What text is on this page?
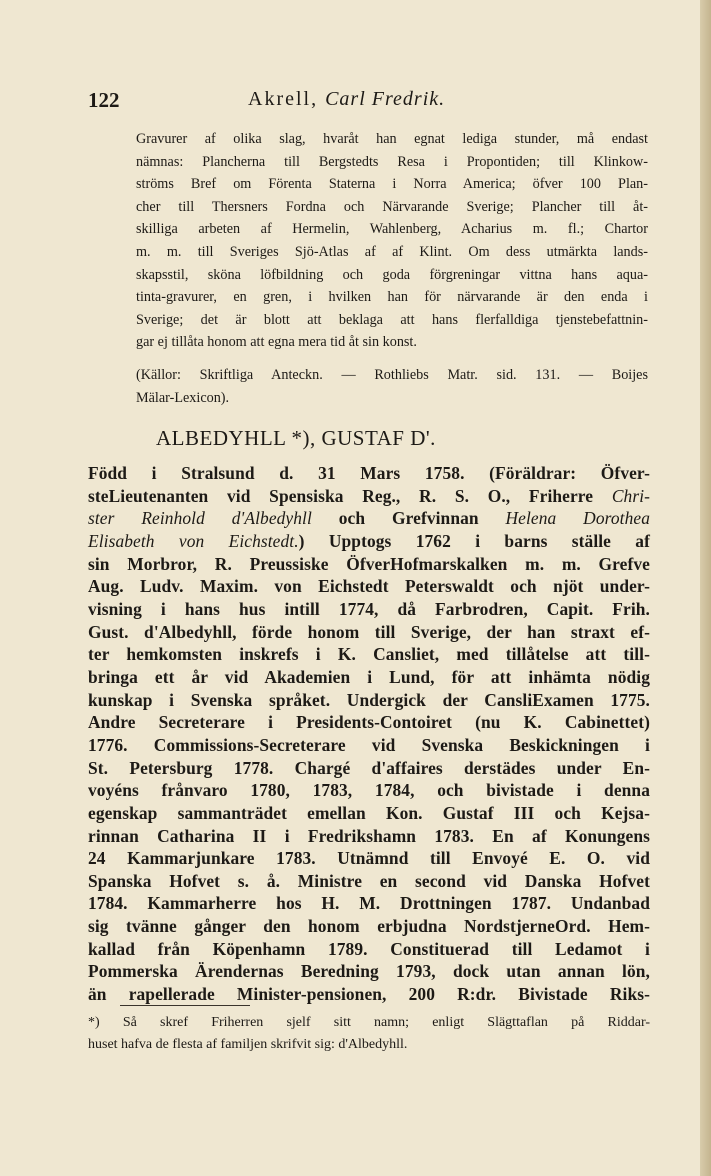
122	Akrell, Carl Fredrik.

Gravurer af olika slag, hvaråt han egnat lediga stunder, må endast
nämnas: Plancherna till Bergstedts Resa i Propontiden; till Klinkow-
ströms Bref om Förenta Staterna i Norra America; öfver 100 Plan-
cher till Thersners Fordna och Närvarande Sverige; Plancher till åt-
skilliga arbeten af Hermelin, Wahlenberg, Acharius m. fl.; Chartor
m. m. till Sveriges Sjö-Atlas af af Klint. Om dess utmärkta lands-
skapsstil, sköna löfbildning och goda förgreningar vittna hans aqua-
tinta-gravurer, en gren, i hvilken han för närvarande är den enda i
Sverige; det är blott att beklaga att hans flerfalldiga tjenstebefattnin-
gar ej tillåta honom att egna mera tid åt sin konst.

(Källor: Skriftliga Anteckn. — Rothliebs Matr. sid. 131. — Boijes
Mälar-Lexicon).

ALBEDYHLL *), GUSTAF D'.
Född i Stralsund d. 31 Mars 1758. (Föräldrar: Öfver-
steLieutenanten vid Spensiska Reg., R. S. O., Friherre Chri-
ster Reinhold d'Albedyhll och Grefvinnan Helena Dorothea
Elisabeth von Eichstedt.) Upptogs 1762 i barns ställe af
sin Morbror, R. Preussiske ÖfverHofmarskalken m. m. Grefve
Aug. Ludv. Maxim. von Eichstedt Peterswaldt och njöt under-
visning i hans hus intill 1774, då Farbrodren, Capit. Frih.
Gust. d'Albedyhll, förde honom till Sverige, der han straxt ef-
ter hemkomsten inskrefs i K. Cansliet, med tillåtelse att till-
bringa ett år vid Akademien i Lund, för att inhämta nödig
kunskap i Svenska språket. Undergick der CansliExamen 1775.
Andre Secreterare i Presidents-Contoiret (nu K. Cabinettet)
1776. Commissions-Secreterare vid Svenska Beskickningen i
St. Petersburg 1778. Chargé d'affaires derstädes under En-
voyéns frånvaro 1780, 1783, 1784, och bivistade i denna
egenskap sammanträdet emellan Kon. Gustaf III och Kejsa-
rinnan Catharina II i Fredrikshamn 1783. En af Konungens
24 Kammarjunkare 1783. Utnämnd till Envoyé E. O. vid
Spanska Hofvet s. å. Ministre en second vid Danska Hofvet
1784. Kammarherre hos H. M. Drottningen 1787. Undanbad
sig tvänne gånger den honom erbjudna NordstjerneOrd. Hem-
kallad från Köpenhamn 1789. Constituerad till Ledamot i
Pommerska Ärendernas Beredning 1793, dock utan annan lön,
än rapellerade Minister-pensionen, 200 R:dr. Bivistade Riks-
*) Så skref Friherren sjelf sitt namn; enligt Slägttaflan på Riddar-
huset hafva de flesta af familjen skrifvit sig: d'Albedyhll.
